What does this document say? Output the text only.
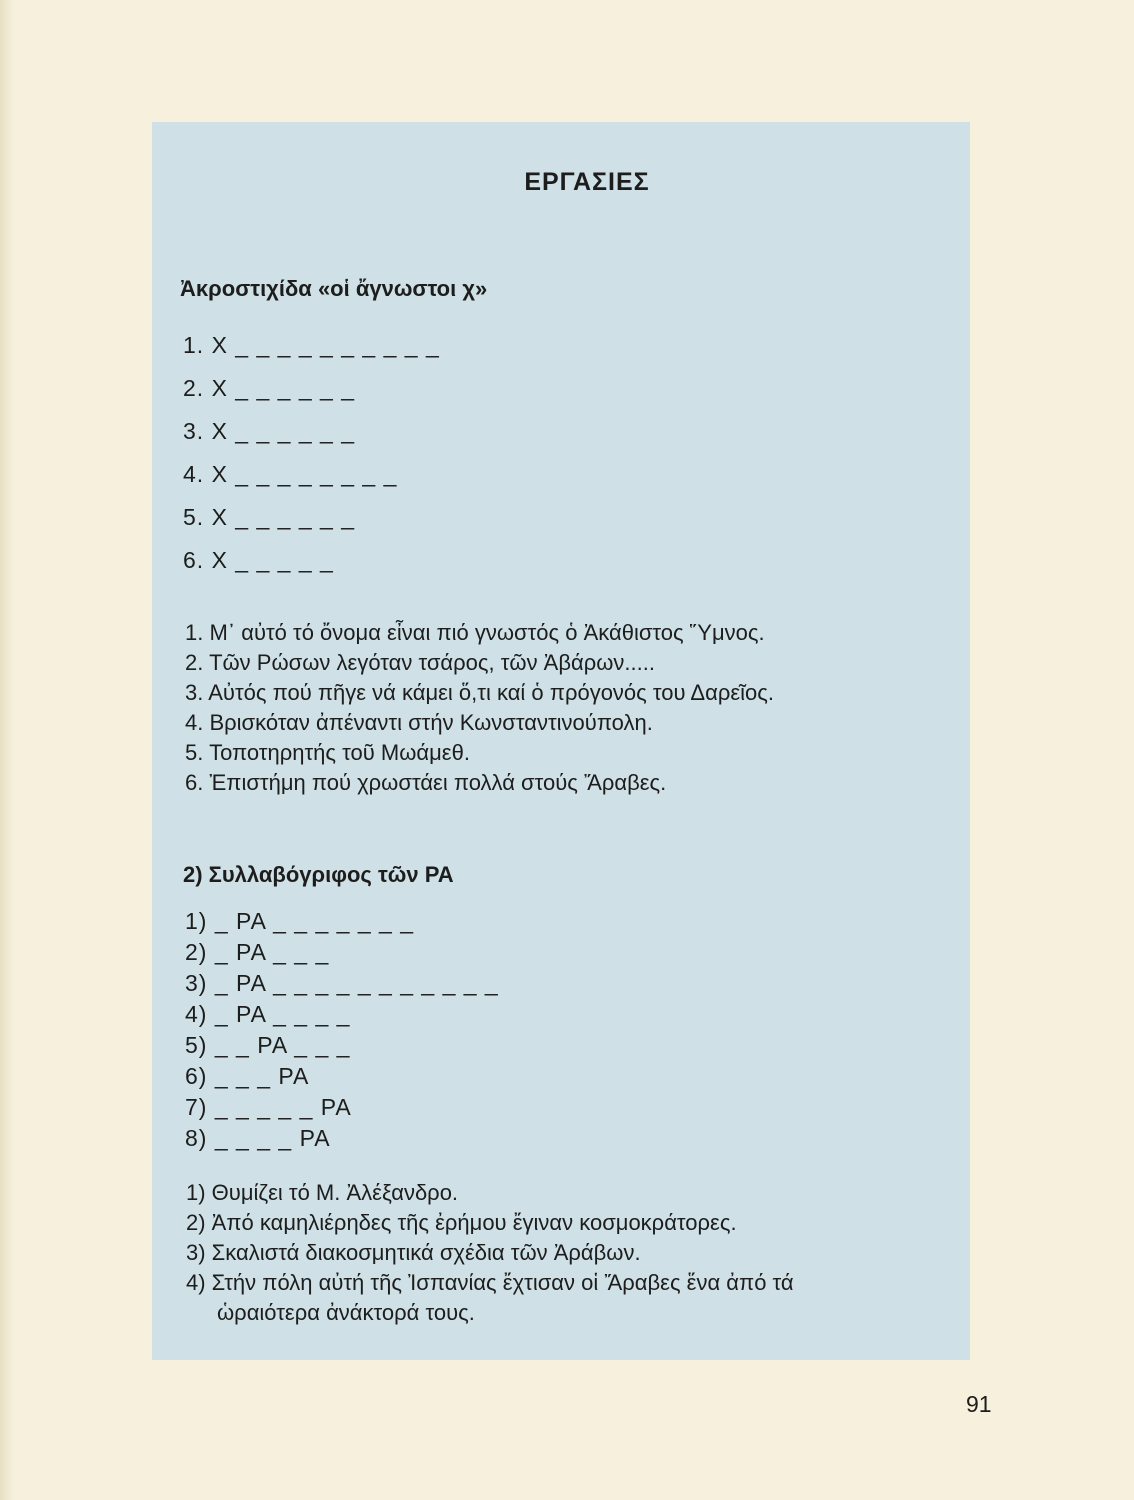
ΕΡΓΑΣΙΕΣ
Ἀκροστιχίδα «οἱ ἄγνωστοι χ»
1. Χ _ _ _ _ _ _ _ _ _ _
2. Χ _ _ _ _ _ _
3. Χ _ _ _ _ _ _
4. Χ _ _ _ _ _ _ _ _
5. Χ _ _ _ _ _ _
6. Χ _ _ _ _ _
1. Μ᾿ αὐτό τό ὄνομα εἶναι πιό γνωστός ὁ Ἀκάθιστος Ὕμνος.
2. Τῶν Ρώσων λεγόταν τσάρος, τῶν Ἀβάρων.....
3. Αὐτός πού πῆγε νά κάμει ὅ,τι καί ὁ πρόγονός του Δαρεῖος.
4. Βρισκόταν ἀπέναντι στήν Κωνσταντινούπολη.
5. Τοποτηρητής τοῦ Μωάμεθ.
6. Ἐπιστήμη πού χρωστάει πολλά στούς Ἄραβες.
2) Συλλαβόγριφος τῶν ΡΑ
1) _ ΡΑ _ _ _ _ _ _ _
2) _ ΡΑ _ _ _
3) _ ΡΑ _ _ _ _ _ _ _ _ _ _ _
4) _ ΡΑ _ _ _ _
5) _ _ ΡΑ _ _ _
6) _ _ _ ΡΑ
7) _ _ _ _ _ ΡΑ
8) _ _ _ _ ΡΑ
1) Θυμίζει τό Μ. Ἀλέξανδρο.
2) Ἀπό καμηλιέρηδες τῆς ἐρήμου ἔγιναν κοσμοκράτορες.
3) Σκαλιστά διακοσμητικά σχέδια τῶν Ἀράβων.
4) Στήν πόλη αὐτή τῆς Ἰσπανίας ἔχτισαν οἱ Ἄραβες ἕνα ἀπό τά
ὡραιότερα ἀνάκτορά τους.
91
